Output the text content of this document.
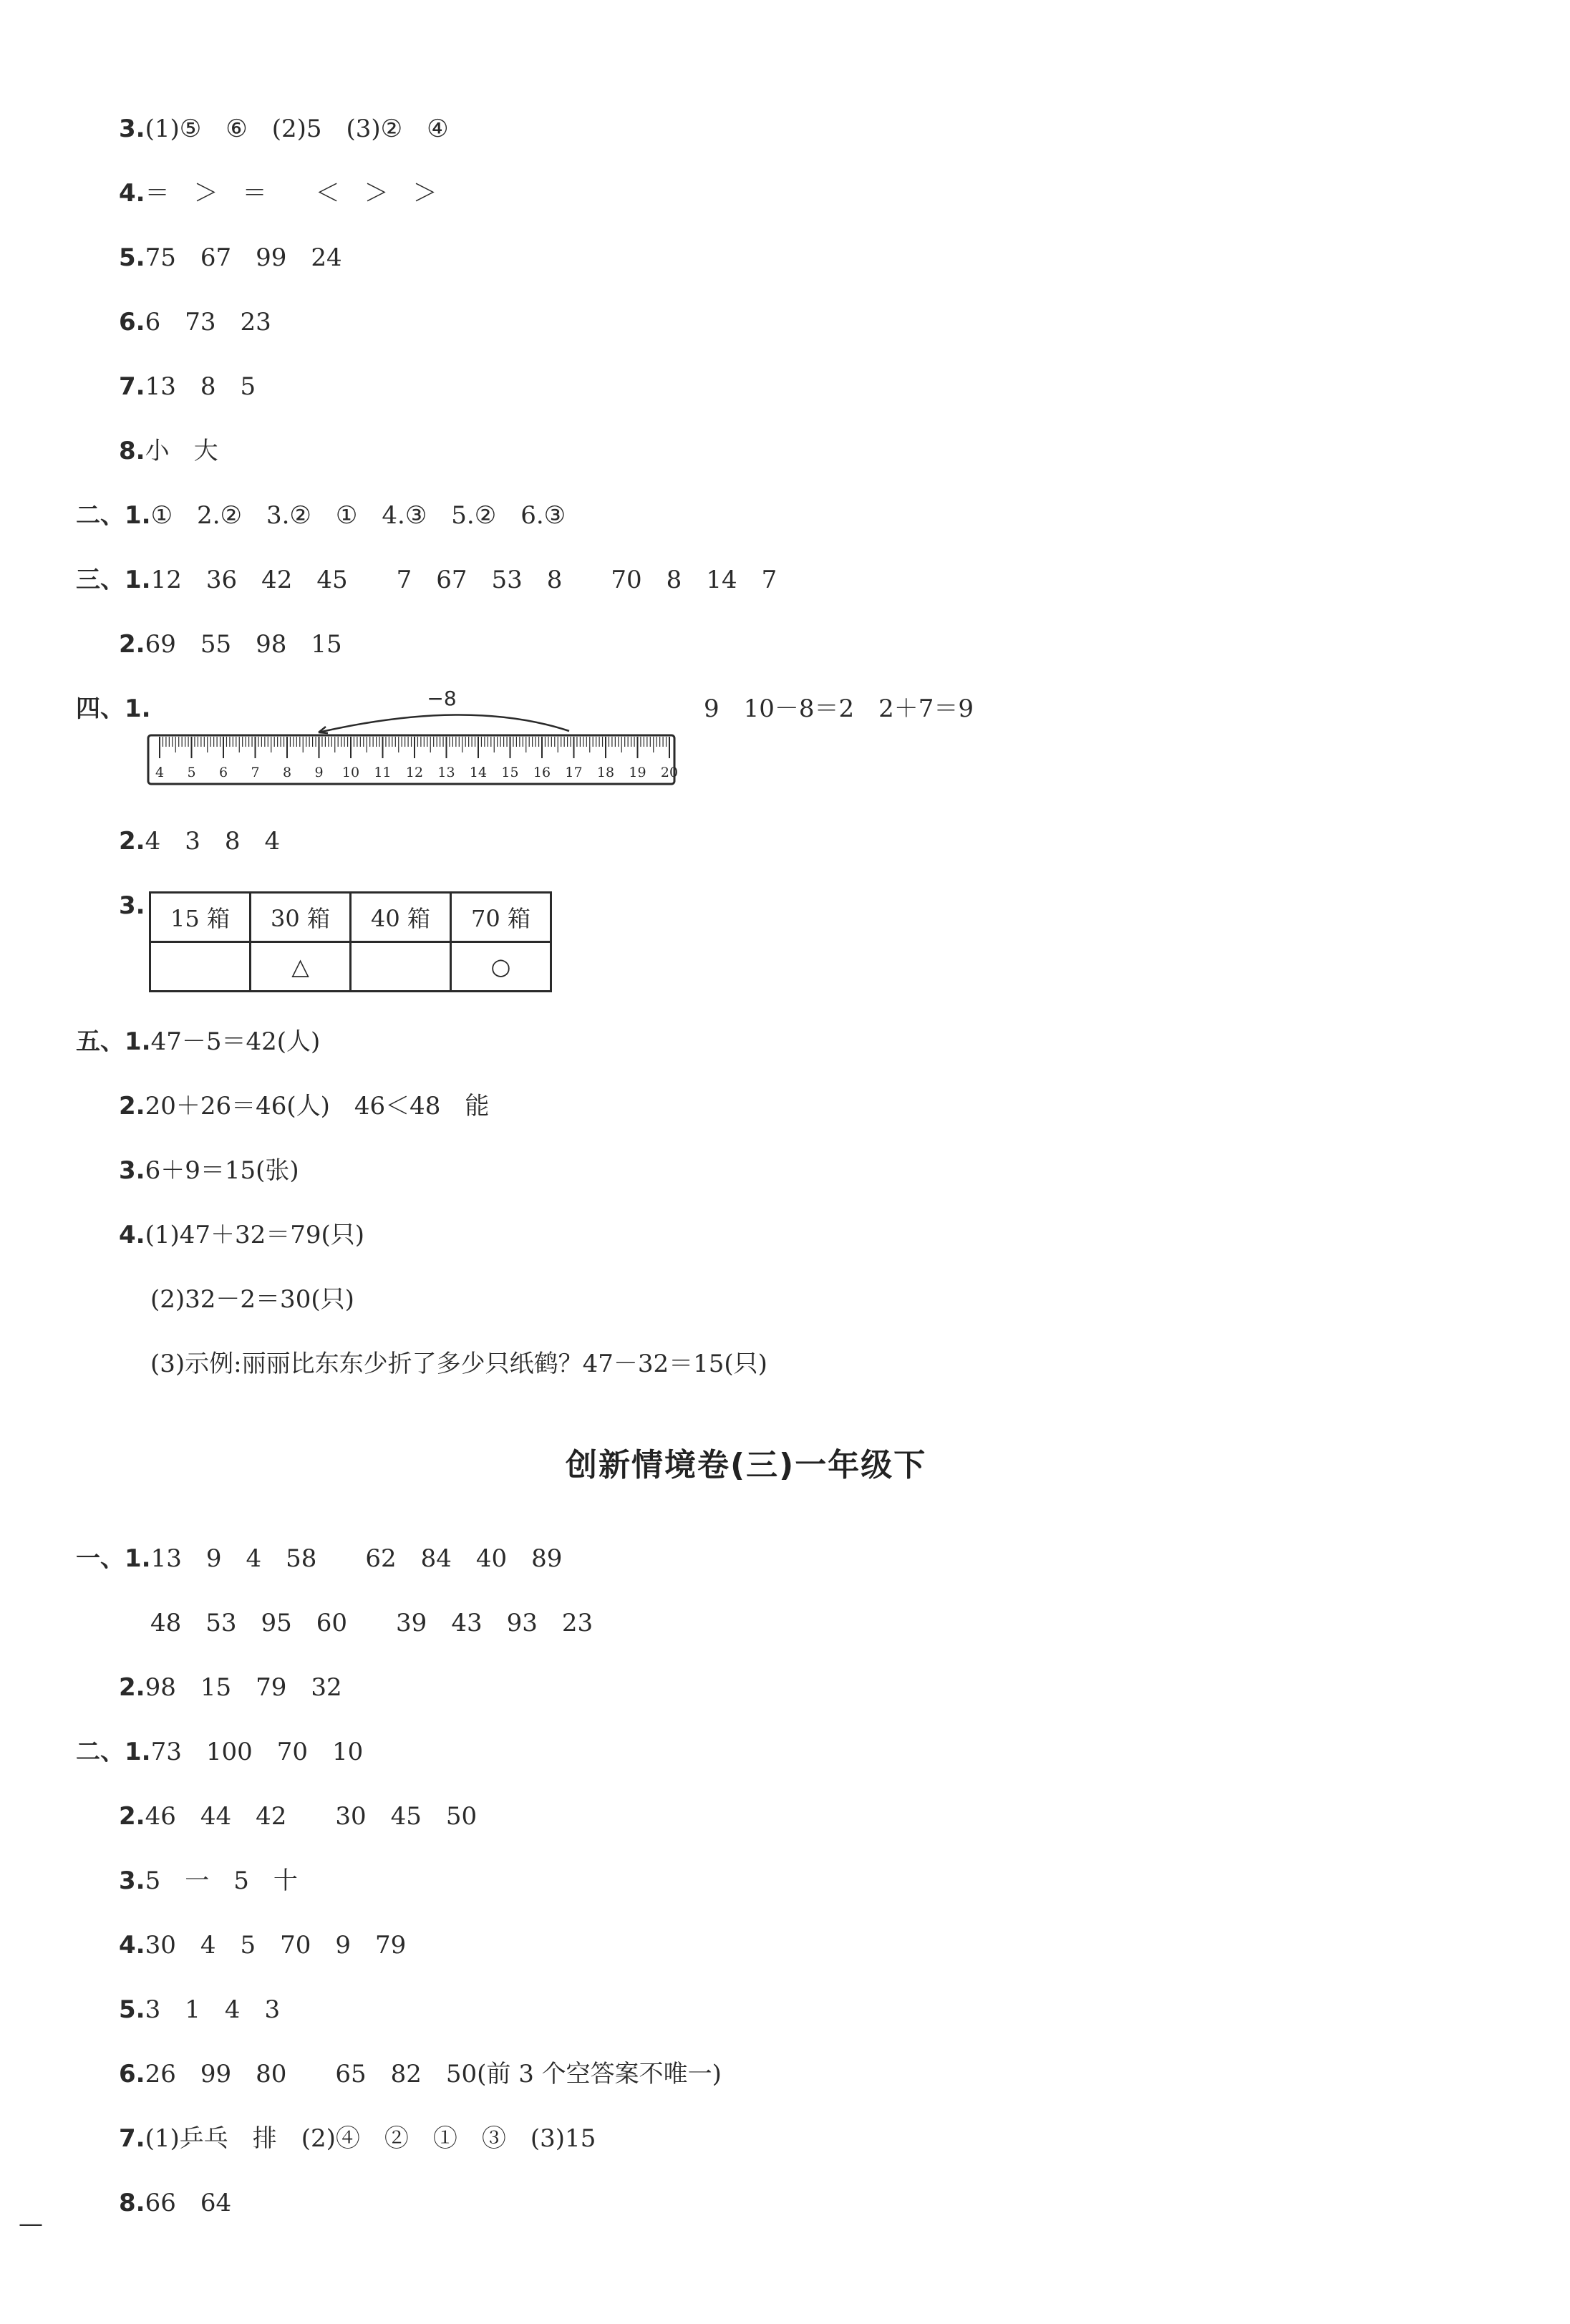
3.(1)⑤　⑥　(2)5　(3)②　④
4.＝　＞　＝　　＜　＞　＞
5.75　67　99　24
6.6　73　23
7.13　8　5
8.小　大
二、1.①　2.②　3.②　①　4.③　5.②　6.③
三、1.12　36　42　45　　7　67　53　8　　70　8　14　7
2.69　55　98　15
四、1.	−8
4 5 6 7 8 9 10 11 12 13 14 15 16 17 18 19 20
9　10－8＝2　2＋7＝9
2.4　3　8　4
3. 15 箱	30 箱	40 箱	70 箱
	△		○
五、1.47－5＝42(人)
2.20＋26＝46(人)　46＜48　能
3.6＋9＝15(张)
4.(1)47＋32＝79(只)
(2)32－2＝30(只)
(3)示例:丽丽比东东少折了多少只纸鹤？47－32＝15(只)
创新情境卷(三)一年级下
一、1.13　9　4　58　　62　84　40　89
48　53　95　60　　39　43　93　23
2.98　15　79　32
二、1.73　100　70　10
2.46　44　42　　30　45　50
3.5　一　5　十
4.30　4　5　70　9　79
5.3　1　4　3
6.26　99　80　　65　82　50(前 3 个空答案不唯一)
7.(1)乒乓　排　(2)④　②　①　③　(3)15
8.66　64
—
